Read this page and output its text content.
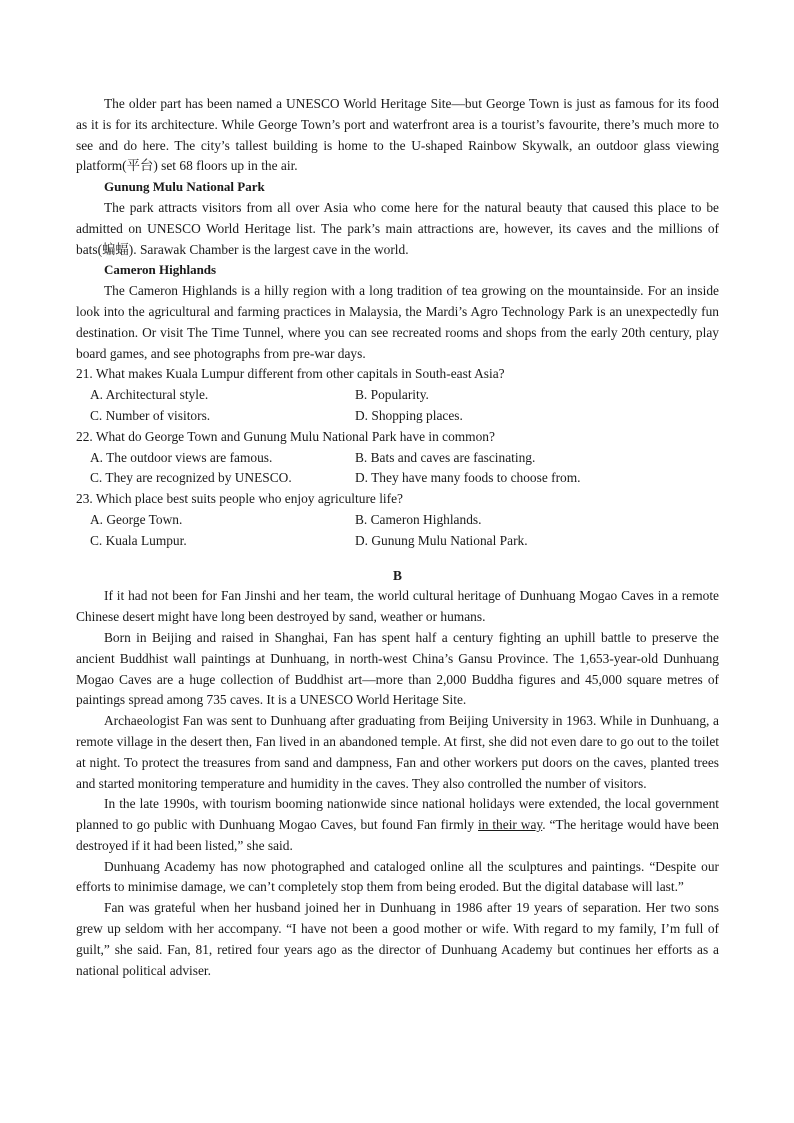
The older part has been named a UNESCO World Heritage Site—but George Town is just as famous for its food as it is for its architecture. While George Town’s port and waterfront area is a tourist’s favourite, there’s much more to see and do here. The city’s tallest building is home to the U-shaped Rainbow Skywalk, an outdoor glass viewing platform(平台) set 68 floors up in the air.

Gunung Mulu National Park

The park attracts visitors from all over Asia who come here for the natural beauty that caused this place to be admitted on UNESCO World Heritage list. The park’s main attractions are, however, its caves and the millions of bats(蝙蝠). Sarawak Chamber is the largest cave in the world.

Cameron Highlands

The Cameron Highlands is a hilly region with a long tradition of tea growing on the mountainside. For an inside look into the agricultural and farming practices in Malaysia, the Mardi’s Agro Technology Park is an unexpectedly fun destination. Or visit The Time Tunnel, where you can see recreated rooms and shops from the early 20th century, play board games, and see photographs from pre-war days.

21. What makes Kuala Lumpur different from other capitals in South-east Asia?

A. Architectural style.	B. Popularity.
C. Number of visitors.	D. Shopping places.

22. What do George Town and Gunung Mulu National Park have in common?

A. The outdoor views are famous.	B. Bats and caves are fascinating.
C. They are recognized by UNESCO.	D. They have many foods to choose from.

23. Which place best suits people who enjoy agriculture life?

A. George Town.	B. Cameron Highlands.
C. Kuala Lumpur.	D. Gunung Mulu National Park.

B

If it had not been for Fan Jinshi and her team, the world cultural heritage of Dunhuang Mogao Caves in a remote Chinese desert might have long been destroyed by sand, weather or humans.

Born in Beijing and raised in Shanghai, Fan has spent half a century fighting an uphill battle to preserve the ancient Buddhist wall paintings at Dunhuang, in north-west China’s Gansu Province. The 1,653-year-old Dunhuang Mogao Caves are a huge collection of Buddhist art—more than 2,000 Buddha figures and 45,000 square metres of paintings spread among 735 caves. It is a UNESCO World Heritage Site.

Archaeologist Fan was sent to Dunhuang after graduating from Beijing University in 1963. While in Dunhuang, a remote village in the desert then, Fan lived in an abandoned temple. At first, she did not even dare to go out to the toilet at night. To protect the treasures from sand and dampness, Fan and other workers put doors on the caves, planted trees and started monitoring temperature and humidity in the caves. They also controlled the number of visitors.

In the late 1990s, with tourism booming nationwide since national holidays were extended, the local government planned to go public with Dunhuang Mogao Caves, but found Fan firmly in their way. “The heritage would have been destroyed if it had been listed,” she said.

Dunhuang Academy has now photographed and cataloged online all the sculptures and paintings. “Despite our efforts to minimise damage, we can’t completely stop them from being eroded. But the digital database will last.”

Fan was grateful when her husband joined her in Dunhuang in 1986 after 19 years of separation. Her two sons grew up seldom with her accompany. “I have not been a good mother or wife. With regard to my family, I’m full of guilt,” she said. Fan, 81, retired four years ago as the director of Dunhuang Academy but continues her efforts as a national political adviser.
